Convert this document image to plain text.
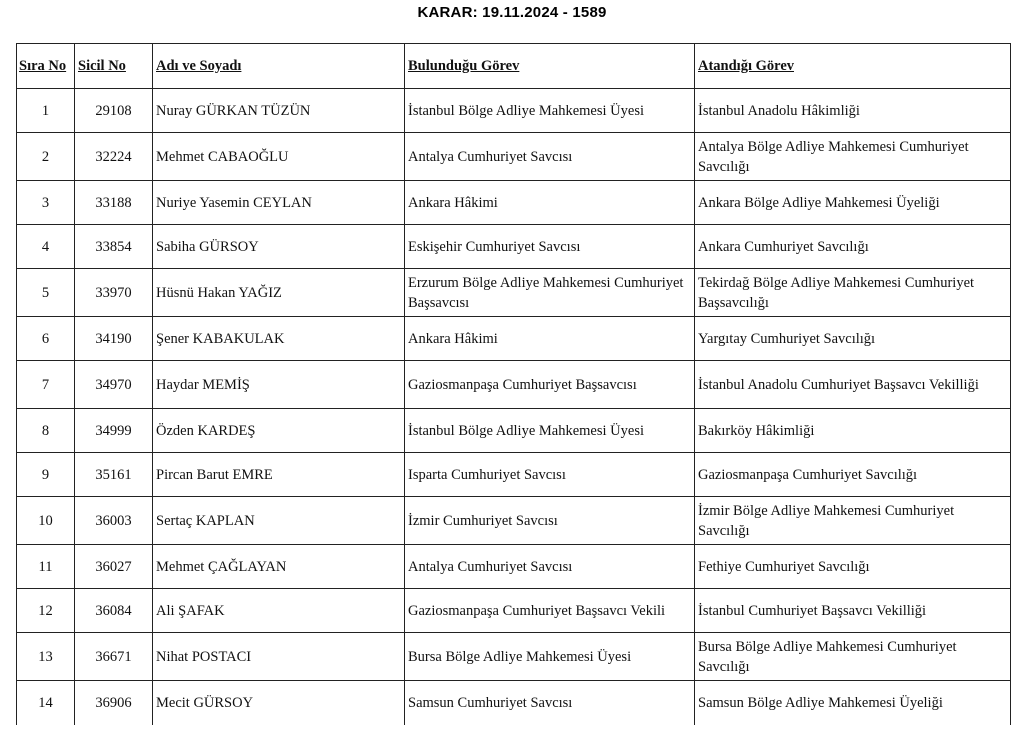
KARAR: 19.11.2024 - 1589
Sıra No	Sicil No	Adı ve Soyadı	Bulunduğu Görev	Atandığı Görev
1	29108	Nuray GÜRKAN TÜZÜN	İstanbul Bölge Adliye Mahkemesi Üyesi	İstanbul Anadolu Hâkimliği
2	32224	Mehmet CABAOĞLU	Antalya Cumhuriyet Savcısı	Antalya Bölge Adliye Mahkemesi Cumhuriyet Savcılığı
3	33188	Nuriye Yasemin CEYLAN	Ankara Hâkimi	Ankara Bölge Adliye Mahkemesi Üyeliği
4	33854	Sabiha GÜRSOY	Eskişehir Cumhuriyet Savcısı	Ankara Cumhuriyet Savcılığı
5	33970	Hüsnü Hakan YAĞIZ	Erzurum Bölge Adliye Mahkemesi Cumhuriyet Başsavcısı	Tekirdağ Bölge Adliye Mahkemesi Cumhuriyet Başsavcılığı
6	34190	Şener KABAKULAK	Ankara Hâkimi	Yargıtay Cumhuriyet Savcılığı
7	34970	Haydar MEMİŞ	Gaziosmanpaşa Cumhuriyet Başsavcısı	İstanbul Anadolu Cumhuriyet Başsavcı Vekilliği
8	34999	Özden KARDEŞ	İstanbul Bölge Adliye Mahkemesi Üyesi	Bakırköy Hâkimliği
9	35161	Pircan Barut EMRE	Isparta Cumhuriyet Savcısı	Gaziosmanpaşa Cumhuriyet Savcılığı
10	36003	Sertaç KAPLAN	İzmir Cumhuriyet Savcısı	İzmir Bölge Adliye Mahkemesi Cumhuriyet Savcılığı
11	36027	Mehmet ÇAĞLAYAN	Antalya Cumhuriyet Savcısı	Fethiye Cumhuriyet Savcılığı
12	36084	Ali ŞAFAK	Gaziosmanpaşa Cumhuriyet Başsavcı Vekili	İstanbul Cumhuriyet Başsavcı Vekilliği
13	36671	Nihat POSTACI	Bursa Bölge Adliye Mahkemesi Üyesi	Bursa Bölge Adliye Mahkemesi Cumhuriyet Savcılığı
14	36906	Mecit GÜRSOY	Samsun Cumhuriyet Savcısı	Samsun Bölge Adliye Mahkemesi Üyeliği
